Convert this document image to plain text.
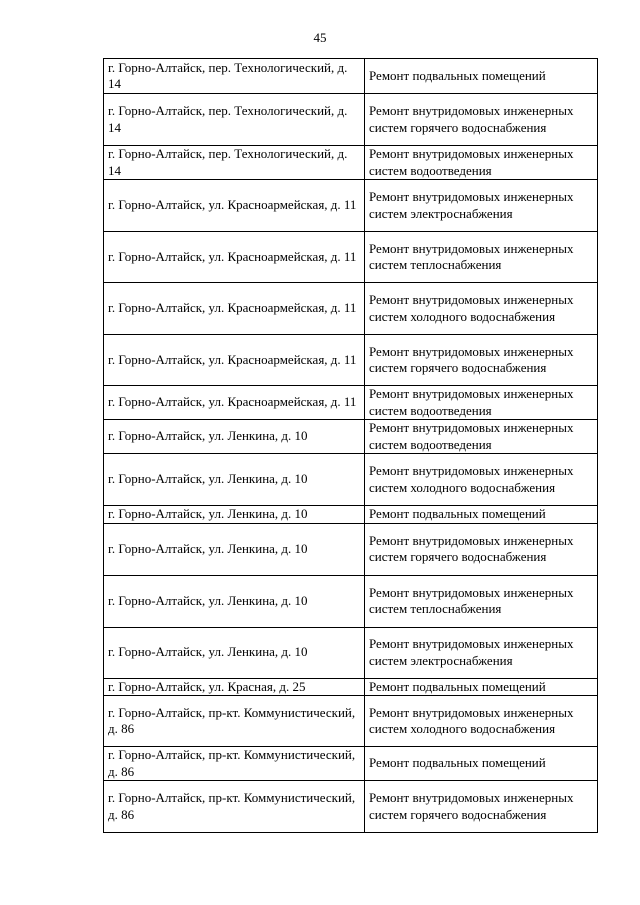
45
г. Горно-Алтайск, пер. Технологический, д. 14	Ремонт подвальных помещений
г. Горно-Алтайск, пер. Технологический, д. 14	Ремонт внутридомовых инженерных систем горячего водоснабжения
г. Горно-Алтайск, пер. Технологический, д. 14	Ремонт внутридомовых инженерных систем водоотведения
г. Горно-Алтайск, ул. Красноармейская, д. 11	Ремонт внутридомовых инженерных систем электроснабжения
г. Горно-Алтайск, ул. Красноармейская, д. 11	Ремонт внутридомовых инженерных систем теплоснабжения
г. Горно-Алтайск, ул. Красноармейская, д. 11	Ремонт внутридомовых инженерных систем холодного водоснабжения
г. Горно-Алтайск, ул. Красноармейская, д. 11	Ремонт внутридомовых инженерных систем горячего водоснабжения
г. Горно-Алтайск, ул. Красноармейская, д. 11	Ремонт внутридомовых инженерных систем водоотведения
г. Горно-Алтайск, ул. Ленкина, д. 10	Ремонт внутридомовых инженерных систем водоотведения
г. Горно-Алтайск, ул. Ленкина, д. 10	Ремонт внутридомовых инженерных систем холодного водоснабжения
г. Горно-Алтайск, ул. Ленкина, д. 10	Ремонт подвальных помещений
г. Горно-Алтайск, ул. Ленкина, д. 10	Ремонт внутридомовых инженерных систем горячего водоснабжения
г. Горно-Алтайск, ул. Ленкина, д. 10	Ремонт внутридомовых инженерных систем теплоснабжения
г. Горно-Алтайск, ул. Ленкина, д. 10	Ремонт внутридомовых инженерных систем электроснабжения
г. Горно-Алтайск, ул. Красная, д. 25	Ремонт подвальных помещений
г. Горно-Алтайск, пр-кт. Коммунистический, д. 86	Ремонт внутридомовых инженерных систем холодного водоснабжения
г. Горно-Алтайск, пр-кт. Коммунистический, д. 86	Ремонт подвальных помещений
г. Горно-Алтайск, пр-кт. Коммунистический, д. 86	Ремонт внутридомовых инженерных систем горячего водоснабжения
